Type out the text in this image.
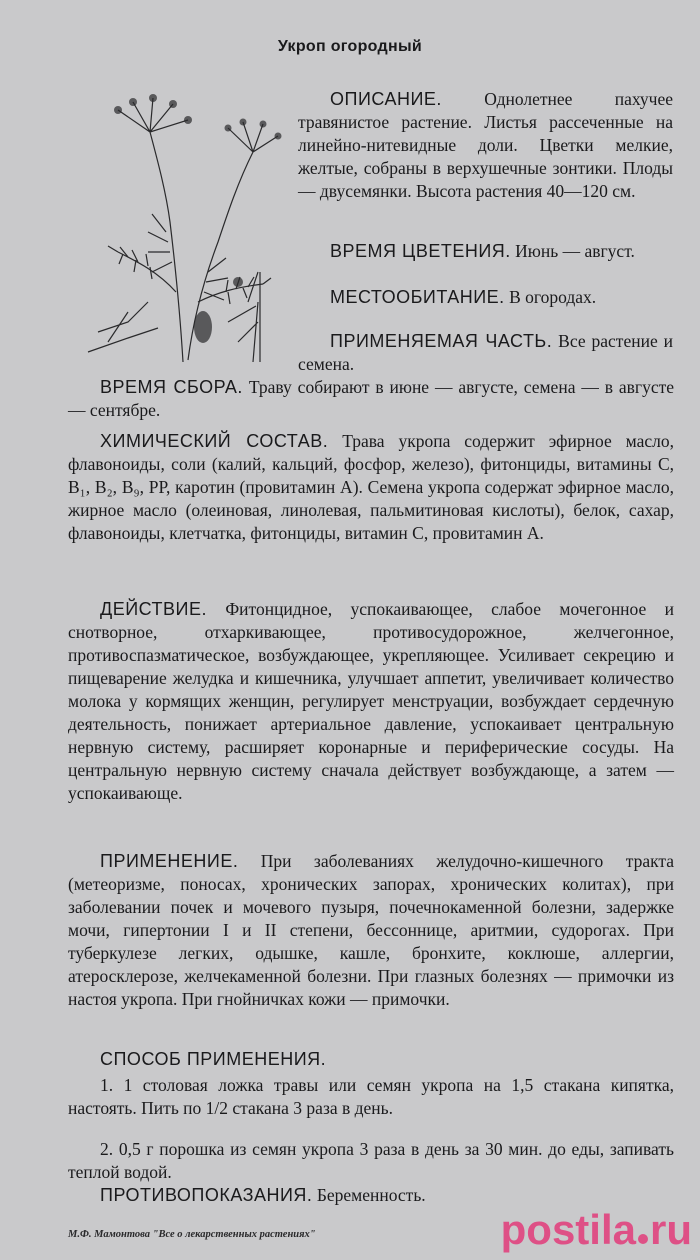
Укроп огородный

ОПИСАНИЕ. Однолетнее пахучее травянистое растение. Листья рассеченные на линейно-нитевидные доли. Цветки мелкие, желтые, собраны в верхушечные зонтики. Плоды — двусемянки. Высота растения 40—120 см.

ВРЕМЯ ЦВЕТЕНИЯ. Июнь — август.

МЕСТООБИТАНИЕ. В огородах.

ПРИМЕНЯЕМАЯ ЧАСТЬ. Все растение и семена.

ВРЕМЯ СБОРА. Траву собирают в июне — августе, семена — в августе — сентябре.

ХИМИЧЕСКИЙ СОСТАВ. Трава укропа содержит эфирное масло, флавоноиды, соли (калий, кальций, фосфор, железо), фитонциды, витамины С, B₁, B₂, B₉, РР, каротин (провитамин А). Семена укропа содержат эфирное масло, жирное масло (олеиновая, линолевая, пальмитиновая кислоты), белок, сахар, флавоноиды, клетчатка, фитонциды, витамин С, провитамин А.

ДЕЙСТВИЕ. Фитонцидное, успокаивающее, слабое мочегонное и снотворное, отхаркивающее, противосудорожное, желчегонное, противоспазматическое, возбуждающее, укрепляющее. Усиливает секрецию и пищеварение желудка и кишечника, улучшает аппетит, увеличивает количество молока у кормящих женщин, регулирует менструации, возбуждает сердечную деятельность, понижает артериальное давление, успокаивает центральную нервную систему, расширяет коронарные и периферические сосуды. На центральную нервную систему сначала действует возбуждающе, а затем — успокаивающе.

ПРИМЕНЕНИЕ. При заболеваниях желудочно-кишечного тракта (метеоризме, поносах, хронических запорах, хронических колитах), при заболевании почек и мочевого пузыря, почечнокаменной болезни, задержке мочи, гипертонии I и II степени, бессоннице, аритмии, судорогах. При туберкулезе легких, одышке, кашле, бронхите, коклюше, аллергии, атеросклерозе, желчекаменной болезни. При глазных болезнях — примочки из настоя укропа. При гнойничках кожи — примочки.

СПОСОБ ПРИМЕНЕНИЯ.

1. 1 столовая ложка травы или семян укропа на 1,5 стакана кипятка, настоять. Пить по 1/2 стакана 3 раза в день.

2. 0,5 г порошка из семян укропа 3 раза в день за 30 мин. до еды, запивать теплой водой.

ПРОТИВОПОКАЗАНИЯ. Беременность.

М.Ф. Мамонтова "Все о лекарственных растениях"	postila ru
